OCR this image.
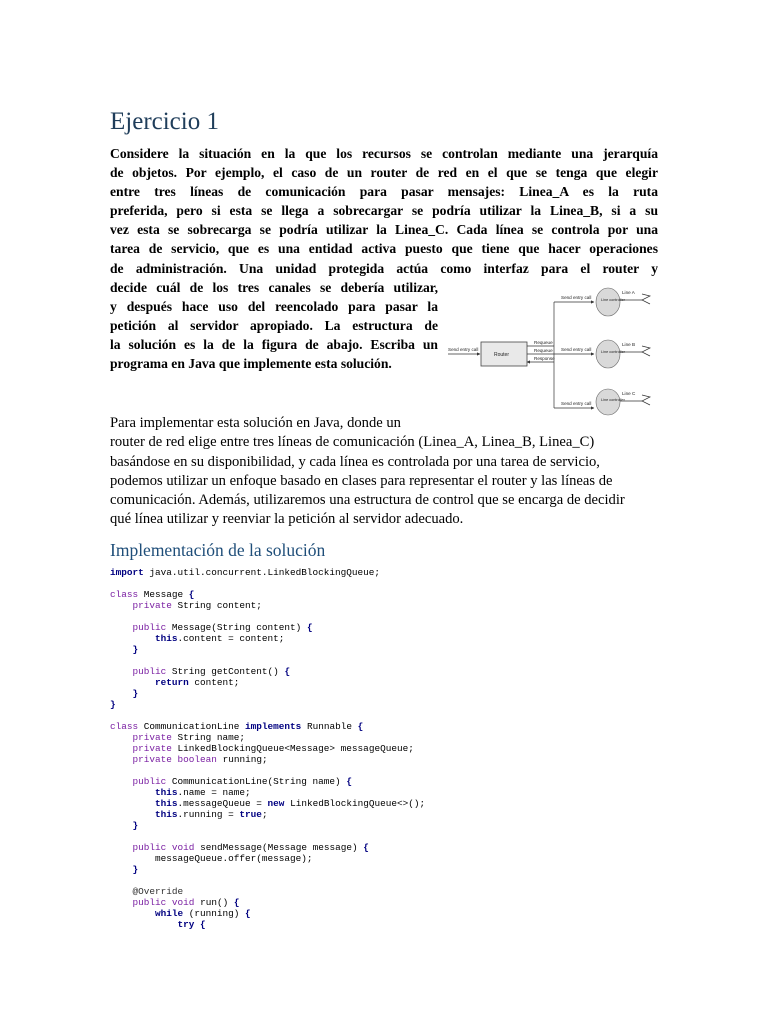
Ejercicio 1
Considere la situación en la que los recursos se controlan mediante una jerarquía
de objetos. Por ejemplo, el caso de un router de red en el que se tenga que elegir
entre tres líneas de comunicación para pasar mensajes: Linea_A es la ruta
preferida, pero si esta se llega a sobrecargar se podría utilizar la Linea_B, si a su
vez esta se sobrecarga se podría utilizar la Linea_C. Cada línea se controla por una
tarea de servicio, que es una entidad activa puesto que tiene que hacer operaciones
de administración. Una unidad protegida actúa como interfaz para el router y
decide cuál de los tres canales se debería utilizar,
y después hace uso del reencolado para pasar la
petición al servidor apropiado. La estructura de
la solución es la de la figura de abajo. Escriba un
programa en Java que implemente esta solución.
Send entry call
Router
Requeue
Requeue
Response
Send entry call	Line controller
Line A
Send entry call	Line controller
Line B
Send entry call
Line controller
Line C
Para implementar esta solución en Java, donde un
router de red elige entre tres líneas de comunicación (Linea_A, Linea_B, Linea_C)
basándose en su disponibilidad, y cada línea es controlada por una tarea de servicio,
podemos utilizar un enfoque basado en clases para representar el router y las líneas de
comunicación. Además, utilizaremos una estructura de control que se encarga de decidir
qué línea utilizar y reenviar la petición al servidor adecuado.
Implementación de la solución
import java.util.concurrent.LinkedBlockingQueue;
class Message {
private String content;
public Message(String content) {
this.content = content;
}
public String getContent() {
return content;
}
}
class CommunicationLine implements Runnable {
private String name;
private LinkedBlockingQueue<Message> messageQueue;
private boolean running;
public CommunicationLine(String name) {
this.name = name;
this.messageQueue = new LinkedBlockingQueue<>();
this.running = true;
}
public void sendMessage(Message message) {
messageQueue.offer(message);
}
@Override
public void run() {
while (running) {
try {
